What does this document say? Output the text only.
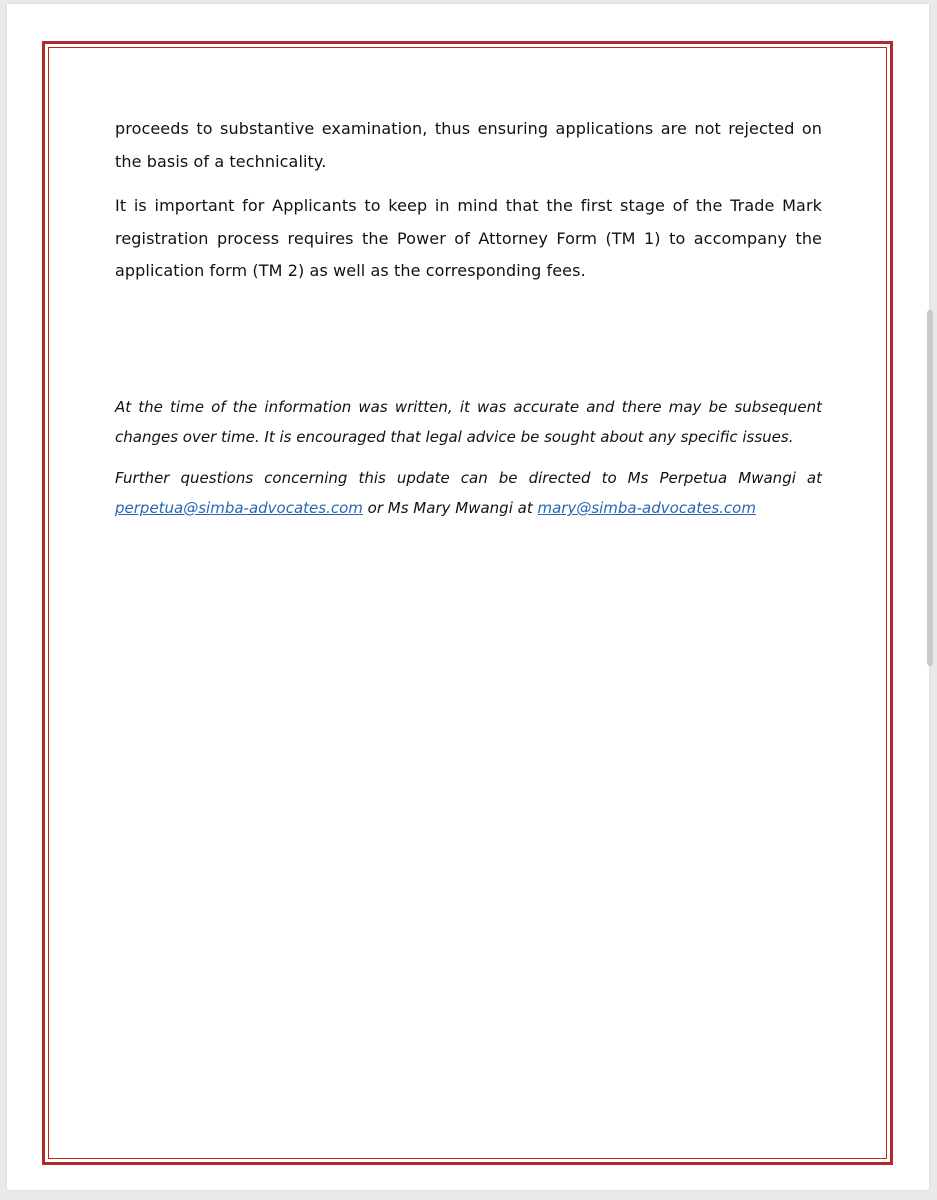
proceeds to substantive examination, thus ensuring applications are not rejected on the basis of a technicality.

It is important for Applicants to keep in mind that the first stage of the Trade Mark registration process requires the Power of Attorney Form (TM 1) to accompany the application form (TM 2) as well as the corresponding fees.

At the time of the information was written, it was accurate and there may be subsequent changes over time. It is encouraged that legal advice be sought about any specific issues.

Further questions concerning this update can be directed to Ms Perpetua Mwangi at perpetua@simba-advocates.com or Ms Mary Mwangi at mary@simba-advocates.com
